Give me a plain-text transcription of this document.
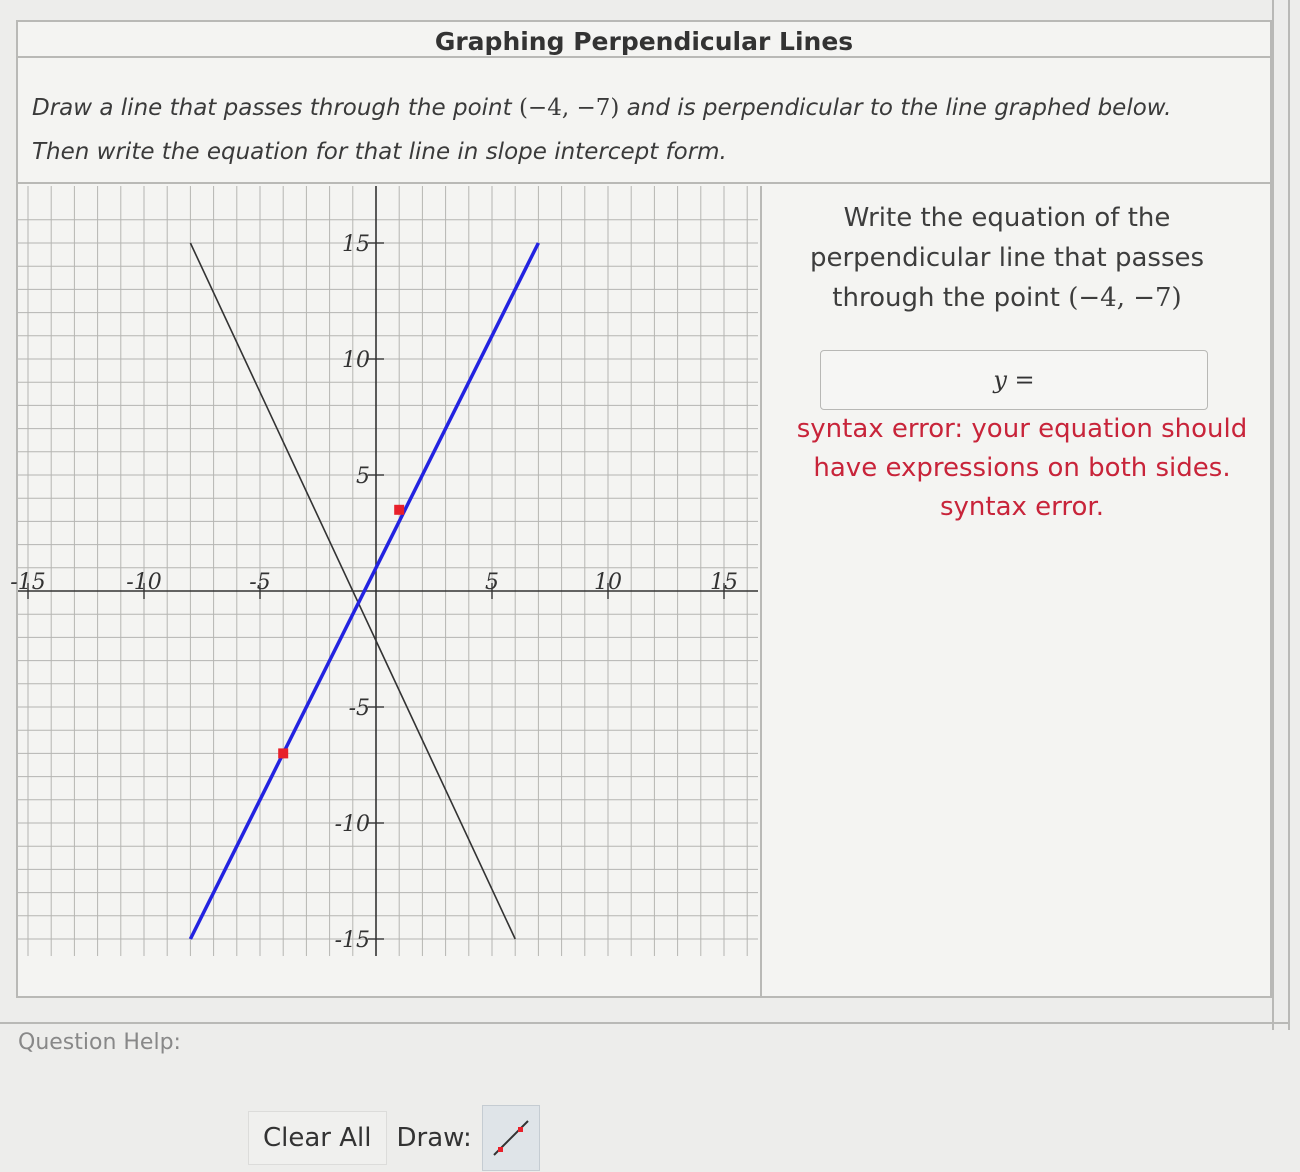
Graphing Perpendicular Lines
Draw a line that passes through the point (−4, −7) and is perpendicular to the line graphed below.
Then write the equation for that line in slope intercept form.
-15	-10	-5	5	10	15
15
10
5
-5
-10
-15
Clear All Draw:
Write the equation of the perpendicular line that passes through the point (−4, −7)
y =
syntax error: your equation should have expressions on both sides.
syntax error.
Question Help:
